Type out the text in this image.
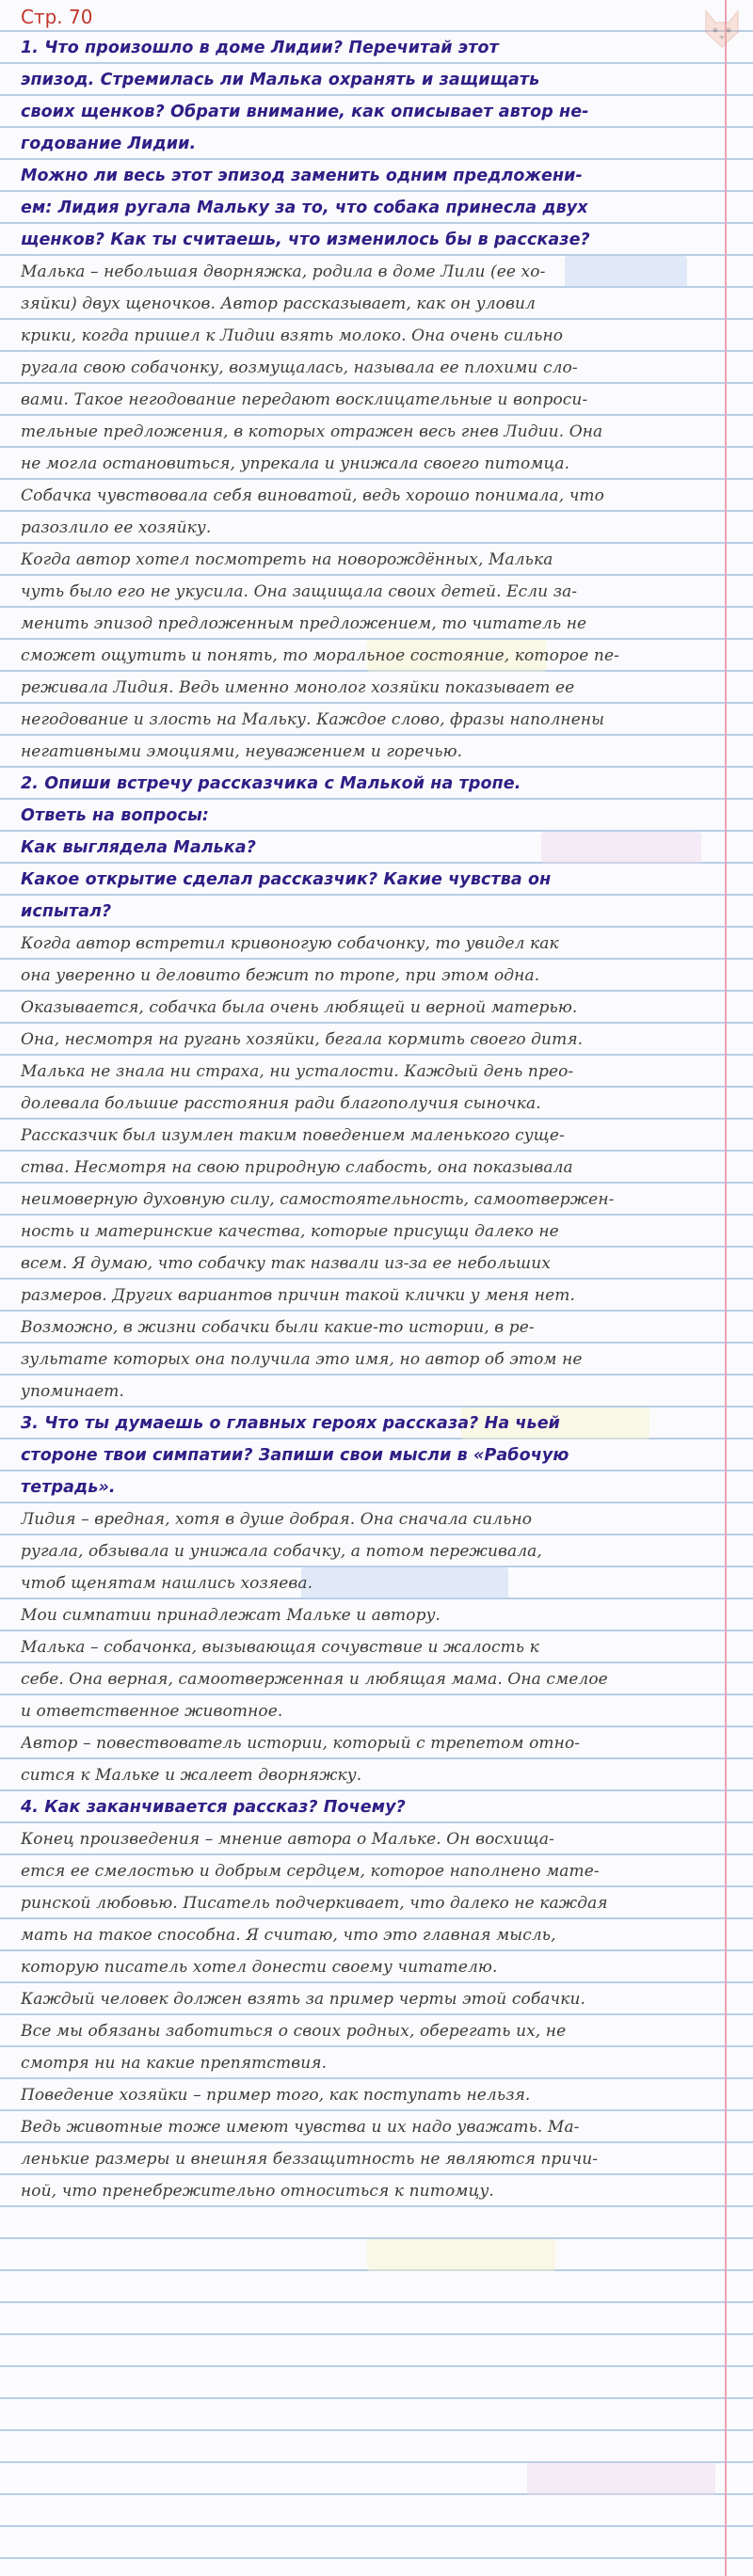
Стр. 70

1. Что произошло в доме Лидии? Перечитай этот
эпизод. Стремилась ли Малька охранять и защищать
своих щенков? Обрати внимание, как описывает автор не-
годование Лидии.
Можно ли весь этот эпизод заменить одним предложени-
ем: Лидия ругала Мальку за то, что собака принесла двух
щенков? Как ты считаешь, что изменилось бы в рассказе?
Малька – небольшая дворняжка, родила в доме Лили (ее хо-
зяйки) двух щеночков. Автор рассказывает, как он уловил
крики, когда пришел к Лидии взять молоко. Она очень сильно
ругала свою собачонку, возмущалась, называла ее плохими сло-
вами. Такое негодование передают восклицательные и вопроси-
тельные предложения, в которых отражен весь гнев Лидии. Она
не могла остановиться, упрекала и унижала своего питомца.
Собачка чувствовала себя виноватой, ведь хорошо понимала, что
разозлило ее хозяйку.
Когда автор хотел посмотреть на новорождённых, Малька
чуть было его не укусила. Она защищала своих детей. Если за-
менить эпизод предложенным предложением, то читатель не
сможет ощутить и понять, то моральное состояние, которое пе-
реживала Лидия. Ведь именно монолог хозяйки показывает ее
негодование и злость на Мальку. Каждое слово, фразы наполнены
негативными эмоциями, неуважением и горечью.
2. Опиши встречу рассказчика с Малькой на тропе.
Ответь на вопросы:
Как выглядела Малька?
Какое открытие сделал рассказчик? Какие чувства он
испытал?
Когда автор встретил кривоногую собачонку, то увидел как
она уверенно и деловито бежит по тропе, при этом одна.
Оказывается, собачка была очень любящей и верной матерью.
Она, несмотря на ругань хозяйки, бегала кормить своего дитя.
Малька не знала ни страха, ни усталости. Каждый день прео-
долевала большие расстояния ради благополучия сыночка.
Рассказчик был изумлен таким поведением маленького суще-
ства. Несмотря на свою природную слабость, она показывала
неимоверную духовную силу, самостоятельность, самоотвержен-
ность и материнские качества, которые присущи далеко не
всем. Я думаю, что собачку так назвали из-за ее небольших
размеров. Других вариантов причин такой клички у меня нет.
Возможно, в жизни собачки были какие-то истории, в ре-
зультате которых она получила это имя, но автор об этом не
упоминает.
3. Что ты думаешь о главных героях рассказа? На чьей
стороне твои симпатии? Запиши свои мысли в «Рабочую
тетрадь».
Лидия – вредная, хотя в душе добрая. Она сначала сильно
ругала, обзывала и унижала собачку, а потом переживала,
чтоб щенятам нашлись хозяева.
Мои симпатии принадлежат Мальке и автору.
Малька – собачонка, вызывающая сочувствие и жалость к
себе. Она верная, самоотверженная и любящая мама. Она смелое
и ответственное животное.
Автор – повествователь истории, который с трепетом отно-
сится к Мальке и жалеет дворняжку.
4. Как заканчивается рассказ? Почему?
Конец произведения – мнение автора о Мальке. Он восхища-
ется ее смелостью и добрым сердцем, которое наполнено мате-
ринской любовью. Писатель подчеркивает, что далеко не каждая
мать на такое способна. Я считаю, что это главная мысль,
которую писатель хотел донести своему читателю.
Каждый человек должен взять за пример черты этой собачки.
Все мы обязаны заботиться о своих родных, оберегать их, не
смотря ни на какие препятствия.
Поведение хозяйки – пример того, как поступать нельзя.
Ведь животные тоже имеют чувства и их надо уважать. Ма-
ленькие размеры и внешняя беззащитность не являются причи-
ной, что пренебрежительно относиться к питомцу.
